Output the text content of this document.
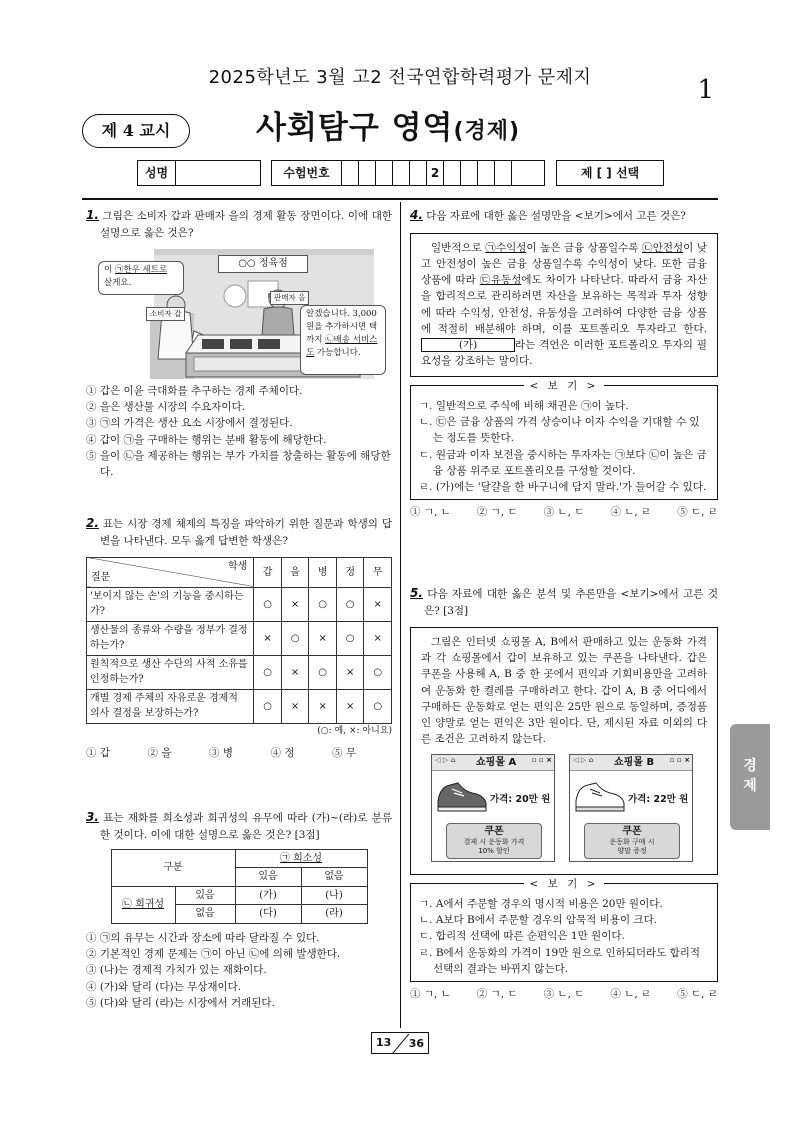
2025학년도 3월 고2 전국연합학력평가 문제지	1
제 4 교시	사회탐구 영역(경제)
성명	수험번호	2	제 [ ] 선택
1. 그림은 소비자 갑과 판매자 을의 경제 활동 장면이다. 이에 대한 설명으로 옳은 것은?
○○ 정육점
이 ㉠한우 세트로
살게요.
소비자 갑
판매자 을
알겠습니다. 3,000원을 추가하시면 택까지 ㉡배송 서비스도 가능합니다.
① 갑은 이윤 극대화를 추구하는 경제 주체이다.
② 을은 생산물 시장의 수요자이다.
③ ㉠의 가격은 생산 요소 시장에서 결정된다.
④ 갑이 ㉠을 구매하는 행위는 분배 활동에 해당한다.
⑤ 을이 ㉡을 제공하는 행위는 부가 가치를 창출하는 활동에 해당한다.
2. 표는 시장 경제 체제의 특징을 파악하기 위한 질문과 학생의 답변을 나타낸다. 모두 옳게 답변한 학생은?
학생
질문	갑	을	병	정	무
'보이지 않는 손'의 기능을 중시하는가?	○	×	○	○	×
생산물의 종류와 수량을 정부가 결정하는가?	×	○	×	○	×
원칙적으로 생산 수단의 사적 소유를 인정하는가?	○	×	○	×	○
개별 경제 주체의 자유로운 경제적 의사 결정을 보장하는가?	○	×	×	×	○
(○: 예, ×: 아니요)
① 갑	② 을	③ 병	④ 정	⑤ 무
3. 표는 재화를 희소성과 희귀성의 유무에 따라 (가)~(라)로 분류한 것이다. 이에 대한 설명으로 옳은 것은? [3점]
구분		㉠ 희소성	
		있음	없음
㉡ 희귀성	있음	(가)	(나)
	없음	(다)	(라)
① ㉠의 유무는 시간과 장소에 따라 달라질 수 있다.
② 기본적인 경제 문제는 ㉠이 아닌 ㉡에 의해 발생한다.
③ (나)는 경제적 가치가 있는 재화이다.
④ (가)와 달리 (다)는 무상재이다.
⑤ (다)와 달리 (라)는 시장에서 거래된다.
4. 다음 자료에 대한 옳은 설명만을 <보기>에서 고른 것은?
일반적으로 ㉠수익성이 높은 금융 상품일수록 ㉡안전성이 낮고 안전성이 높은 금융 상품일수록 수익성이 낮다. 또한 금융 상품에 따라 ㉢유동성에도 차이가 나타난다. 따라서 금융 자산을 합리적으로 관리하려면 자산을 보유하는 목적과 투자 성향에 따라 수익성, 안전성, 유동성을 고려하여 다양한 금융 상품에 적절히 배분해야 하며, 이를 포트폴리오 투자라고 한다. (가)	라는 격언은 이러한 포트폴리오 투자의 필요성을 강조하는 말이다.
< 보 기 >
ㄱ. 일반적으로 주식에 비해 채권은 ㉠이 높다.
ㄴ. ㉢은 금융 상품의 가격 상승이나 이자 수익을 기대할 수 있는 정도를 뜻한다.
ㄷ. 원금과 이자 보전을 중시하는 투자자는 ㉠보다 ㉡이 높은 금융 상품 위주로 포트폴리오를 구성할 것이다.
ㄹ. (가)에는 '달걀을 한 바구니에 담지 말라.'가 들어갈 수 있다.
① ㄱ, ㄴ ② ㄱ, ㄷ ③ ㄴ, ㄷ ④ ㄴ, ㄹ ⑤ ㄷ, ㄹ
5. 다음 자료에 대한 옳은 분석 및 추론만을 <보기>에서 고른 것은? [3점]
그림은 인터넷 쇼핑몰 A, B에서 판매하고 있는 운동화 가격과 각 쇼핑몰에서 갑이 보유하고 있는 쿠폰을 나타낸다. 갑은 쿠폰을 사용해 A, B 중 한 곳에서 편익과 기회비용만을 고려하여 운동화 한 켤레를 구매하려고 한다. 갑이 A, B 중 어디에서 구매하든 운동화로 얻는 편익은 25만 원으로 동일하며, 증정품인 양말로 얻는 편익은 3만 원이다. 단, 제시된 자료 이외의 다른 조건은 고려하지 않는다.
◁ ▷ ⌂ 쇼핑몰 A ▫ ▫ ×
가격: 20만 원
쿠폰
결제 시 운동화 가격
10% 할인
◁ ▷ ⌂ 쇼핑몰 B ▫ ▫ ×
가격: 22만 원
쿠폰
운동화 구매 시
양말 증정
< 보 기 >
ㄱ. A에서 주문할 경우의 명시적 비용은 20만 원이다.
ㄴ. A보다 B에서 주문할 경우의 암묵적 비용이 크다.
ㄷ. 합리적 선택에 따른 순편익은 1만 원이다.
ㄹ. B에서 운동화의 가격이 19만 원으로 인하되더라도 합리적 선택의 결과는 바뀌지 않는다.
① ㄱ, ㄴ ② ㄱ, ㄷ ③ ㄴ, ㄷ ④ ㄴ, ㄹ ⑤ ㄷ, ㄹ
경
제
13 36
